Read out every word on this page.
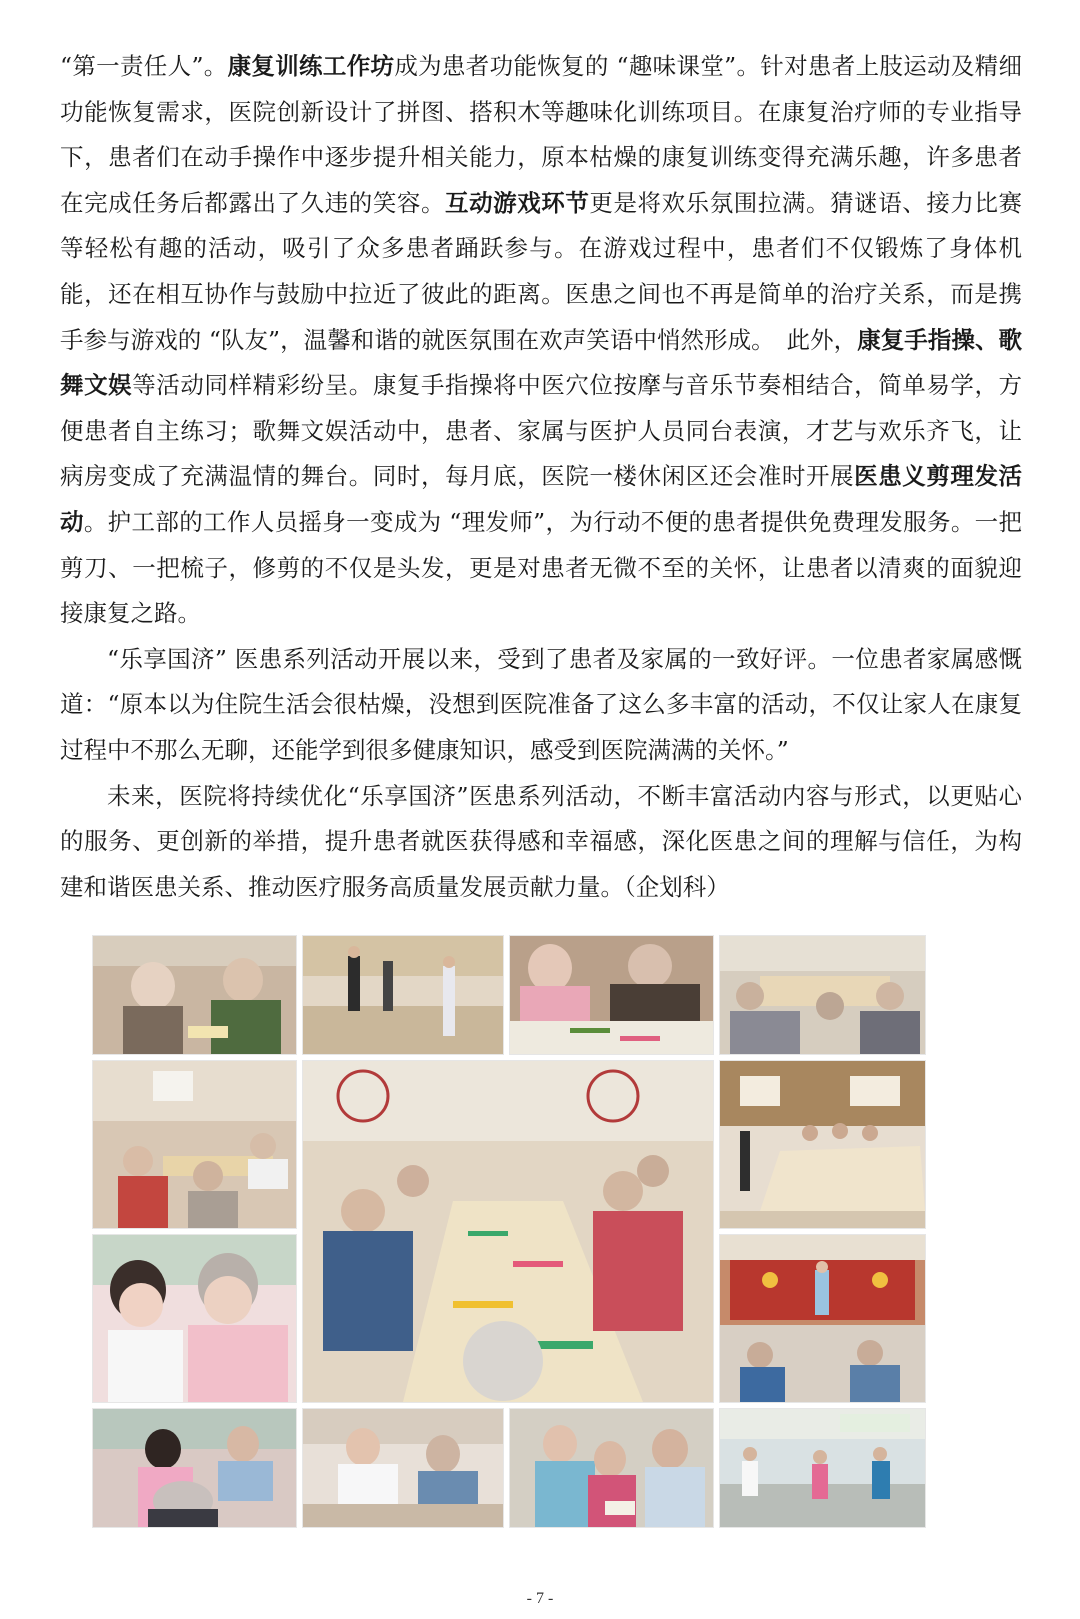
“第一责任人”。康复训练工作坊成为患者功能恢复的 “趣味课堂”。针对患者上肢运动及精细功能恢复需求，医院创新设计了拼图、搭积木等趣味化训练项目。在康复治疗师的专业指导下，患者们在动手操作中逐步提升相关能力，原本枯燥的康复训练变得充满乐趣，许多患者在完成任务后都露出了久违的笑容。互动游戏环节更是将欢乐氛围拉满。猜谜语、接力比赛等轻松有趣的活动，吸引了众多患者踊跃参与。在游戏过程中，患者们不仅锻炼了身体机能，还在相互协作与鼓励中拉近了彼此的距离。医患之间也不再是简单的治疗关系，而是携手参与游戏的 “队友”，温馨和谐的就医氛围在欢声笑语中悄然形成。　此外，康复手指操、歌舞文娱等活动同样精彩纷呈。康复手指操将中医穴位按摩与音乐节奏相结合，简单易学，方便患者自主练习；歌舞文娱活动中，患者、家属与医护人员同台表演，才艺与欢乐齐飞，让病房变成了充满温情的舞台。同时，每月底，医院一楼休闲区还会准时开展医患义剪理发活动。护工部的工作人员摇身一变成为 “理发师”，为行动不便的患者提供免费理发服务。一把剪刀、一把梳子，修剪的不仅是头发，更是对患者无微不至的关怀，让患者以清爽的面貌迎接康复之路。

“乐享国济” 医患系列活动开展以来，受到了患者及家属的一致好评。一位患者家属感慨道：“原本以为住院生活会很枯燥，没想到医院准备了这么多丰富的活动，不仅让家人在康复过程中不那么无聊，还能学到很多健康知识，感受到医院满满的关怀。”

未来，医院将持续优化“乐享国济”医患系列活动，不断丰富活动内容与形式，以更贴心的服务、更创新的举措，提升患者就医获得感和幸福感，深化医患之间的理解与信任，为构建和谐医患关系、推动医疗服务高质量发展贡献力量。（企划科）

- 7 -
